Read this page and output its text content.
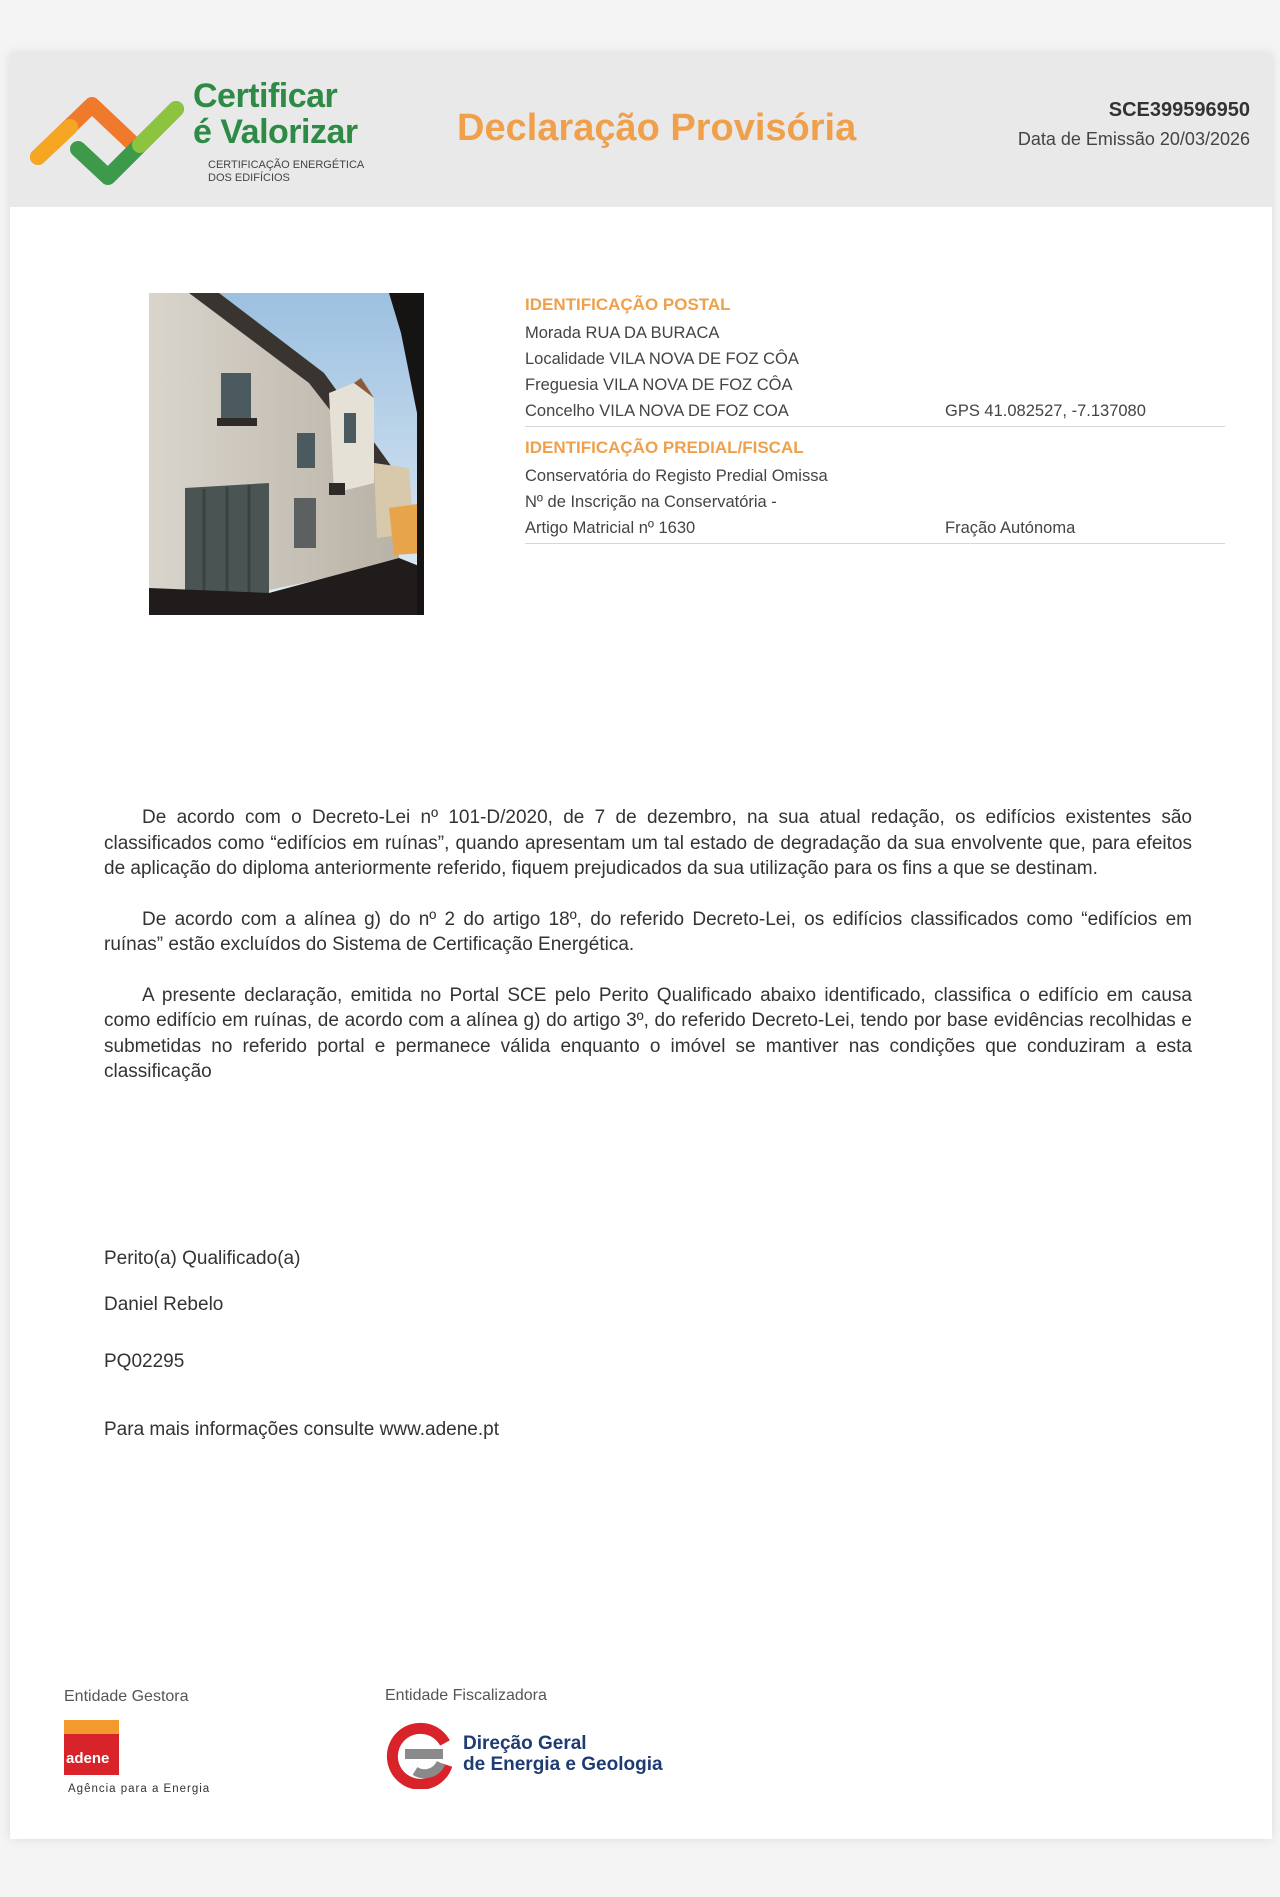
Certificar
é Valorizar
CERTIFICAÇÃO ENERGÉTICA DOS EDIFÍCIOS
Declaração Provisória	SCE399596950
Data de Emissão 20/03/2026
IDENTIFICAÇÃO POSTAL
Morada RUA DA BURACA
Localidade VILA NOVA DE FOZ CÔA
Freguesia VILA NOVA DE FOZ CÔA
Concelho VILA NOVA DE FOZ COA	GPS 41.082527, -7.137080
IDENTIFICAÇÃO PREDIAL/FISCAL
Conservatória do Registo Predial Omissa
Nº de Inscrição na Conservatória -
Artigo Matricial nº 1630	Fração Autónoma

De acordo com o Decreto-Lei nº 101-D/2020, de 7 de dezembro, na sua atual redação, os edifícios existentes são classificados como “edifícios em ruínas”, quando apresentam um tal estado de degradação da sua envolvente que, para efeitos de aplicação do diploma anteriormente referido, fiquem prejudicados da sua utilização para os fins a que se destinam.

De acordo com a alínea g) do nº 2 do artigo 18º, do referido Decreto-Lei, os edifícios classificados como “edifícios em ruínas” estão excluídos do Sistema de Certificação Energética.

A presente declaração, emitida no Portal SCE pelo Perito Qualificado abaixo identificado, classifica o edifício em causa como edifício em ruínas, de acordo com a alínea g) do artigo 3º, do referido Decreto-Lei, tendo por base evidências recolhidas e submetidas no referido portal e permanece válida enquanto o imóvel se mantiver nas condições que conduziram a esta classificação

Perito(a) Qualificado(a)
Daniel Rebelo
PQ02295
Para mais informações consulte www.adene.pt
Entidade Gestora	Entidade Fiscalizadora
adene
Agência para a Energia
Direção Geral
de Energia e Geologia
